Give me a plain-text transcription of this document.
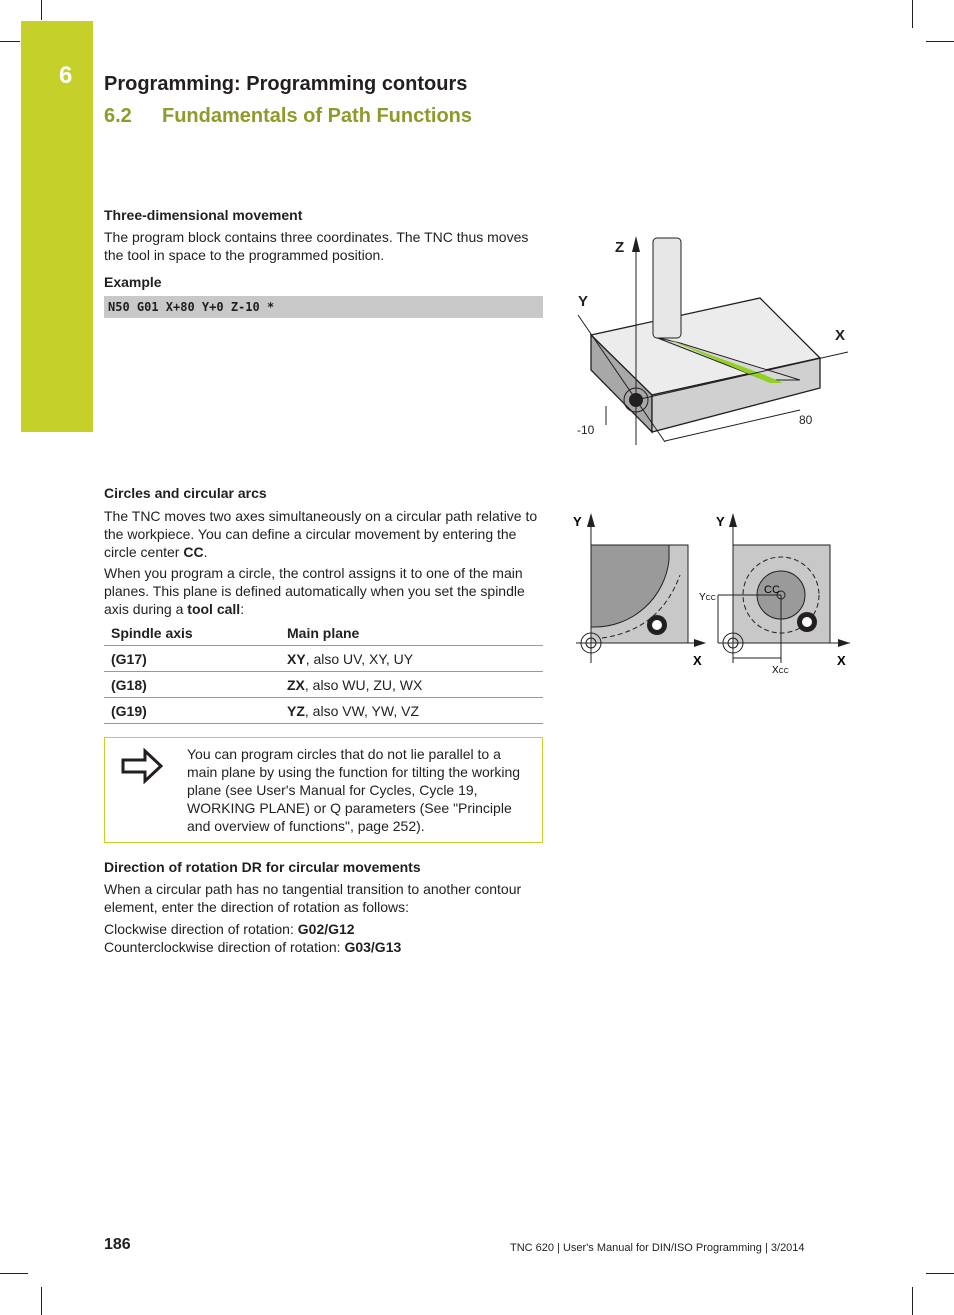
6	Programming: Programming contours
6.2 Fundamentals of Path Functions
Three-dimensional movement
The program block contains three coordinates. The TNC thus moves the tool in space to the programmed position.
Example
N50 G01 X+80 Y+0 Z-10 *
Z
Y
X
-10
80
Circles and circular arcs
The TNC moves two axes simultaneously on a circular path relative to the workpiece. You can define a circular movement by entering the circle center CC.
When you program a circle, the control assigns it to one of the main planes. This plane is defined automatically when you set the spindle axis during a tool call:
Y
X
CC
YCC
XCC
Y
X
Spindle axis	Main plane
(G17)	XY, also UV, XY, UY
(G18)	ZX, also WU, ZU, WX
(G19)	YZ, also VW, YW, VZ
You can program circles that do not lie parallel to a main plane by using the function for tilting the working plane (see User's Manual for Cycles, Cycle 19, WORKING PLANE) or Q parameters (See "Principle and overview of functions", page 252).
Direction of rotation DR for circular movements
When a circular path has no tangential transition to another contour element, enter the direction of rotation as follows:
Clockwise direction of rotation: G02/G12
Counterclockwise direction of rotation: G03/G13
186	TNC 620 | User's Manual for DIN/ISO Programming | 3/2014
